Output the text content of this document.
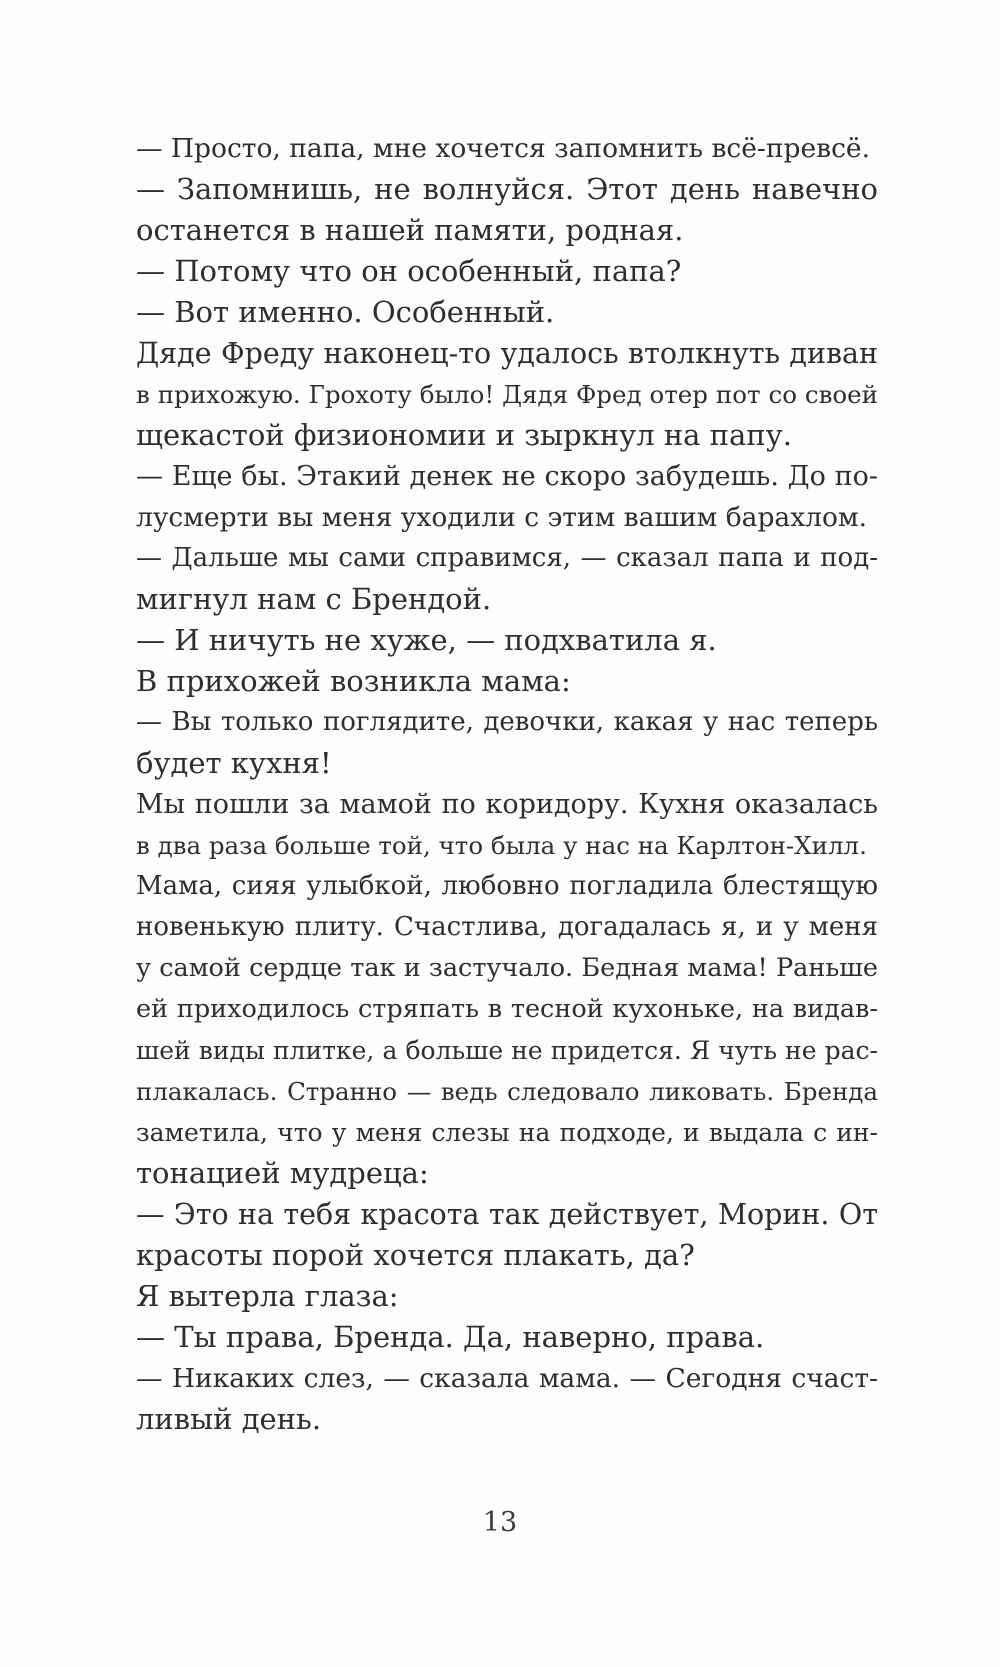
— Просто, папа, мне хочется запомнить всё-превсё.
— Запомнишь, не волнуйся. Этот день навечно
останется в нашей памяти, родная.
— Потому что он особенный, папа?
— Вот именно. Особенный.
Дяде Фреду наконец-то удалось втолкнуть диван
в прихожую. Грохоту было! Дядя Фред отер пот со своей
щекастой физиономии и зыркнул на папу.
— Еще бы. Этакий денек не скоро забудешь. До по-
лусмерти вы меня уходили с этим вашим барахлом.
— Дальше мы сами справимся, — сказал папа и под-
мигнул нам с Брендой.
— И ничуть не хуже, — подхватила я.
В прихожей возникла мама:
— Вы только поглядите, девочки, какая у нас теперь
будет кухня!
Мы пошли за мамой по коридору. Кухня оказалась
в два раза больше той, что была у нас на Карлтон-Хилл.
Мама, сияя улыбкой, любовно погладила блестящую
новенькую плиту. Счастлива, догадалась я, и у меня
у самой сердце так и застучало. Бедная мама! Раньше
ей приходилось стряпать в тесной кухоньке, на видав-
шей виды плитке, а больше не придется. Я чуть не рас-
плакалась. Странно — ведь следовало ликовать. Бренда
заметила, что у меня слезы на подходе, и выдала с ин-
тонацией мудреца:
— Это на тебя красота так действует, Морин. От
красоты порой хочется плакать, да?
Я вытерла глаза:
— Ты права, Бренда. Да, наверно, права.
— Никаких слез, — сказала мама. — Сегодня счаст-
ливый день.
13
